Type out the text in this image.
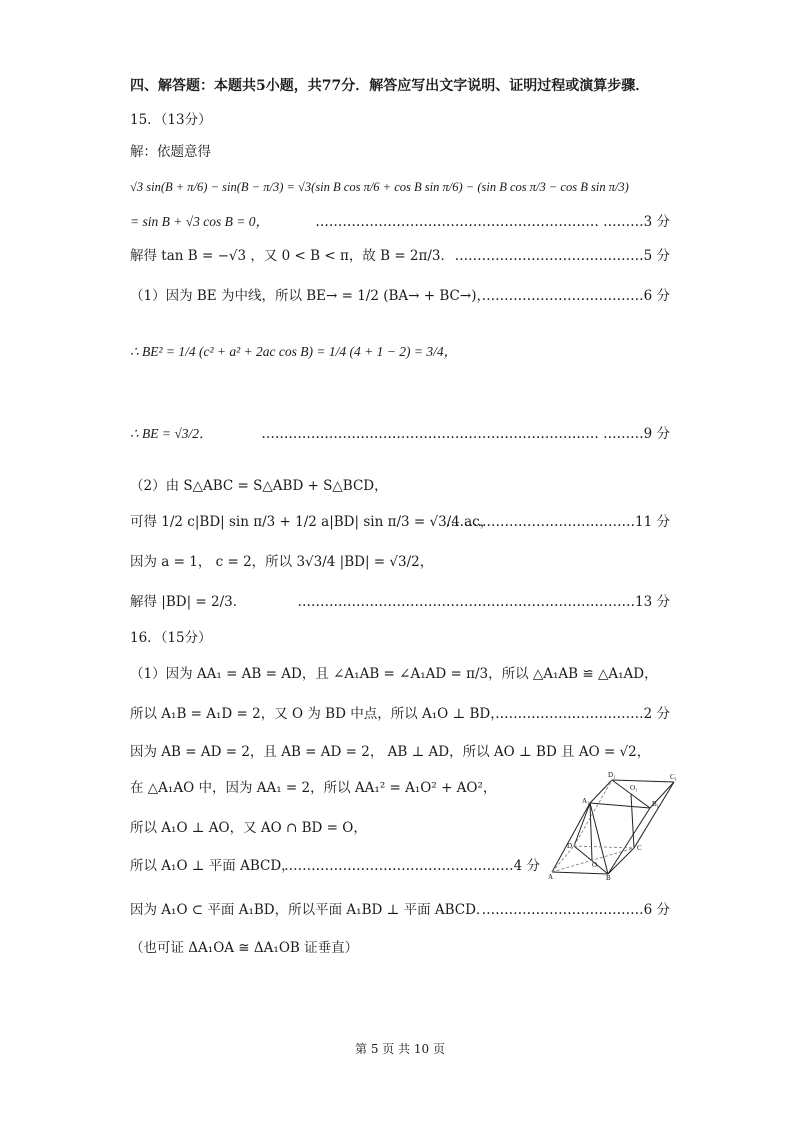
四、解答题：本题共5小题，共77分．解答应写出文字说明、证明过程或演算步骤．
15．（13分）
解：依题意得
√3 sin(B + π/6) − sin(B − π/3) = √3(sin B cos π/6 + cos B sin π/6) − (sin B cos π/3 − cos B sin π/3)
= sin B + √3 cos B = 0，	……………………………………………………… ………3 分
解得 tan B = −√3 ，又 0 < B < π，故 B = 2π/3． ……………………………………5 分
（1）因为 BE 为中线，所以 BE→ = 1/2 (BA→ + BC→)，
………………………………6 分
∴ BE² = 1/4 (c² + a² + 2ac cos B) = 1/4 (4 + 1 − 2) = 3/4，
∴ BE = √3/2．	………………………………………………………………… ………9 分
（2）由 S△ABC = S△ABD + S△BCD，
可得 1/2 c|BD| sin π/3 + 1/2 a|BD| sin π/3 = √3/4 ac，
……………………………………11 分
因为 a = 1， c = 2，所以 3√3/4 |BD| = √3/2，
解得 |BD| = 2/3．	…………………………………………………………………13 分
16．（15分）
（1）因为 AA₁ = AB = AD，且 ∠A₁AB = ∠A₁AD = π/3，所以 △A₁AB ≌ △A₁AD，
所以 A₁B = A₁D = 2，又 O 为 BD 中点，所以 A₁O ⊥ BD，
……………………………2 分
因为 AB = AD = 2，且 AB = AD = 2， AB ⊥ AD，所以 AO ⊥ BD 且 AO = √2，
在 △A₁AO 中，因为 AA₁ = 2，所以 AA₁² = A₁O² + AO²，
所以 A₁O ⊥ AO，又 AO ∩ BD = O，
所以 A₁O ⊥ 平面 ABCD，
……………………………………………4 分
因为 A₁O ⊂ 平面 A₁BD，所以平面 A₁BD ⊥ 平面 ABCD．
………………………………6 分
（也可证 ΔA₁OA ≅ ΔA₁OB 证垂直）
D₁	C₁
A₁	B₁
O₁
D	C
O
A	B
第 5 页 共 10 页
